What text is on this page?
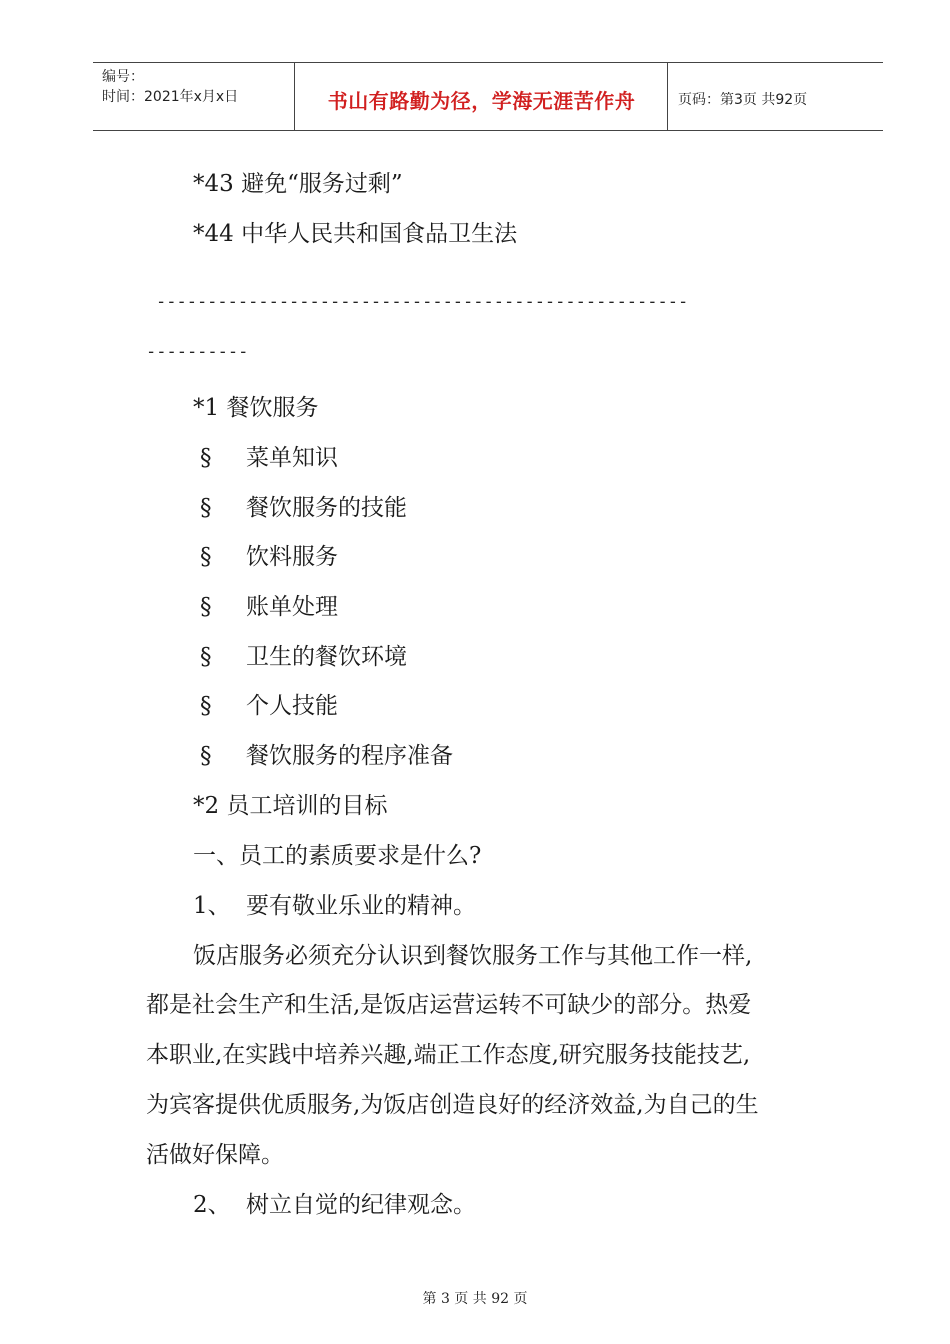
编号：
时间：2021年x月x日	书山有路勤为径，学海无涯苦作舟	页码：第3页 共92页
*43 避免“服务过剩”
*44 中华人民共和国食品卫生法
----------------------------------------------------
----------
*1 餐饮服务
§ 菜单知识
§ 餐饮服务的技能
§ 饮料服务
§ 账单处理
§ 卫生的餐饮环境
§ 个人技能
§ 餐饮服务的程序准备
*2 员工培训的目标
一、员工的素质要求是什么?
1、 要有敬业乐业的精神。
饭店服务必须充分认识到餐饮服务工作与其他工作一样,
都是社会生产和生活,是饭店运营运转不可缺少的部分。热爱
本职业,在实践中培养兴趣,端正工作态度,研究服务技能技艺,
为宾客提供优质服务,为饭店创造良好的经济效益,为自己的生
活做好保障。
2、 树立自觉的纪律观念。
第 3 页 共 92 页
